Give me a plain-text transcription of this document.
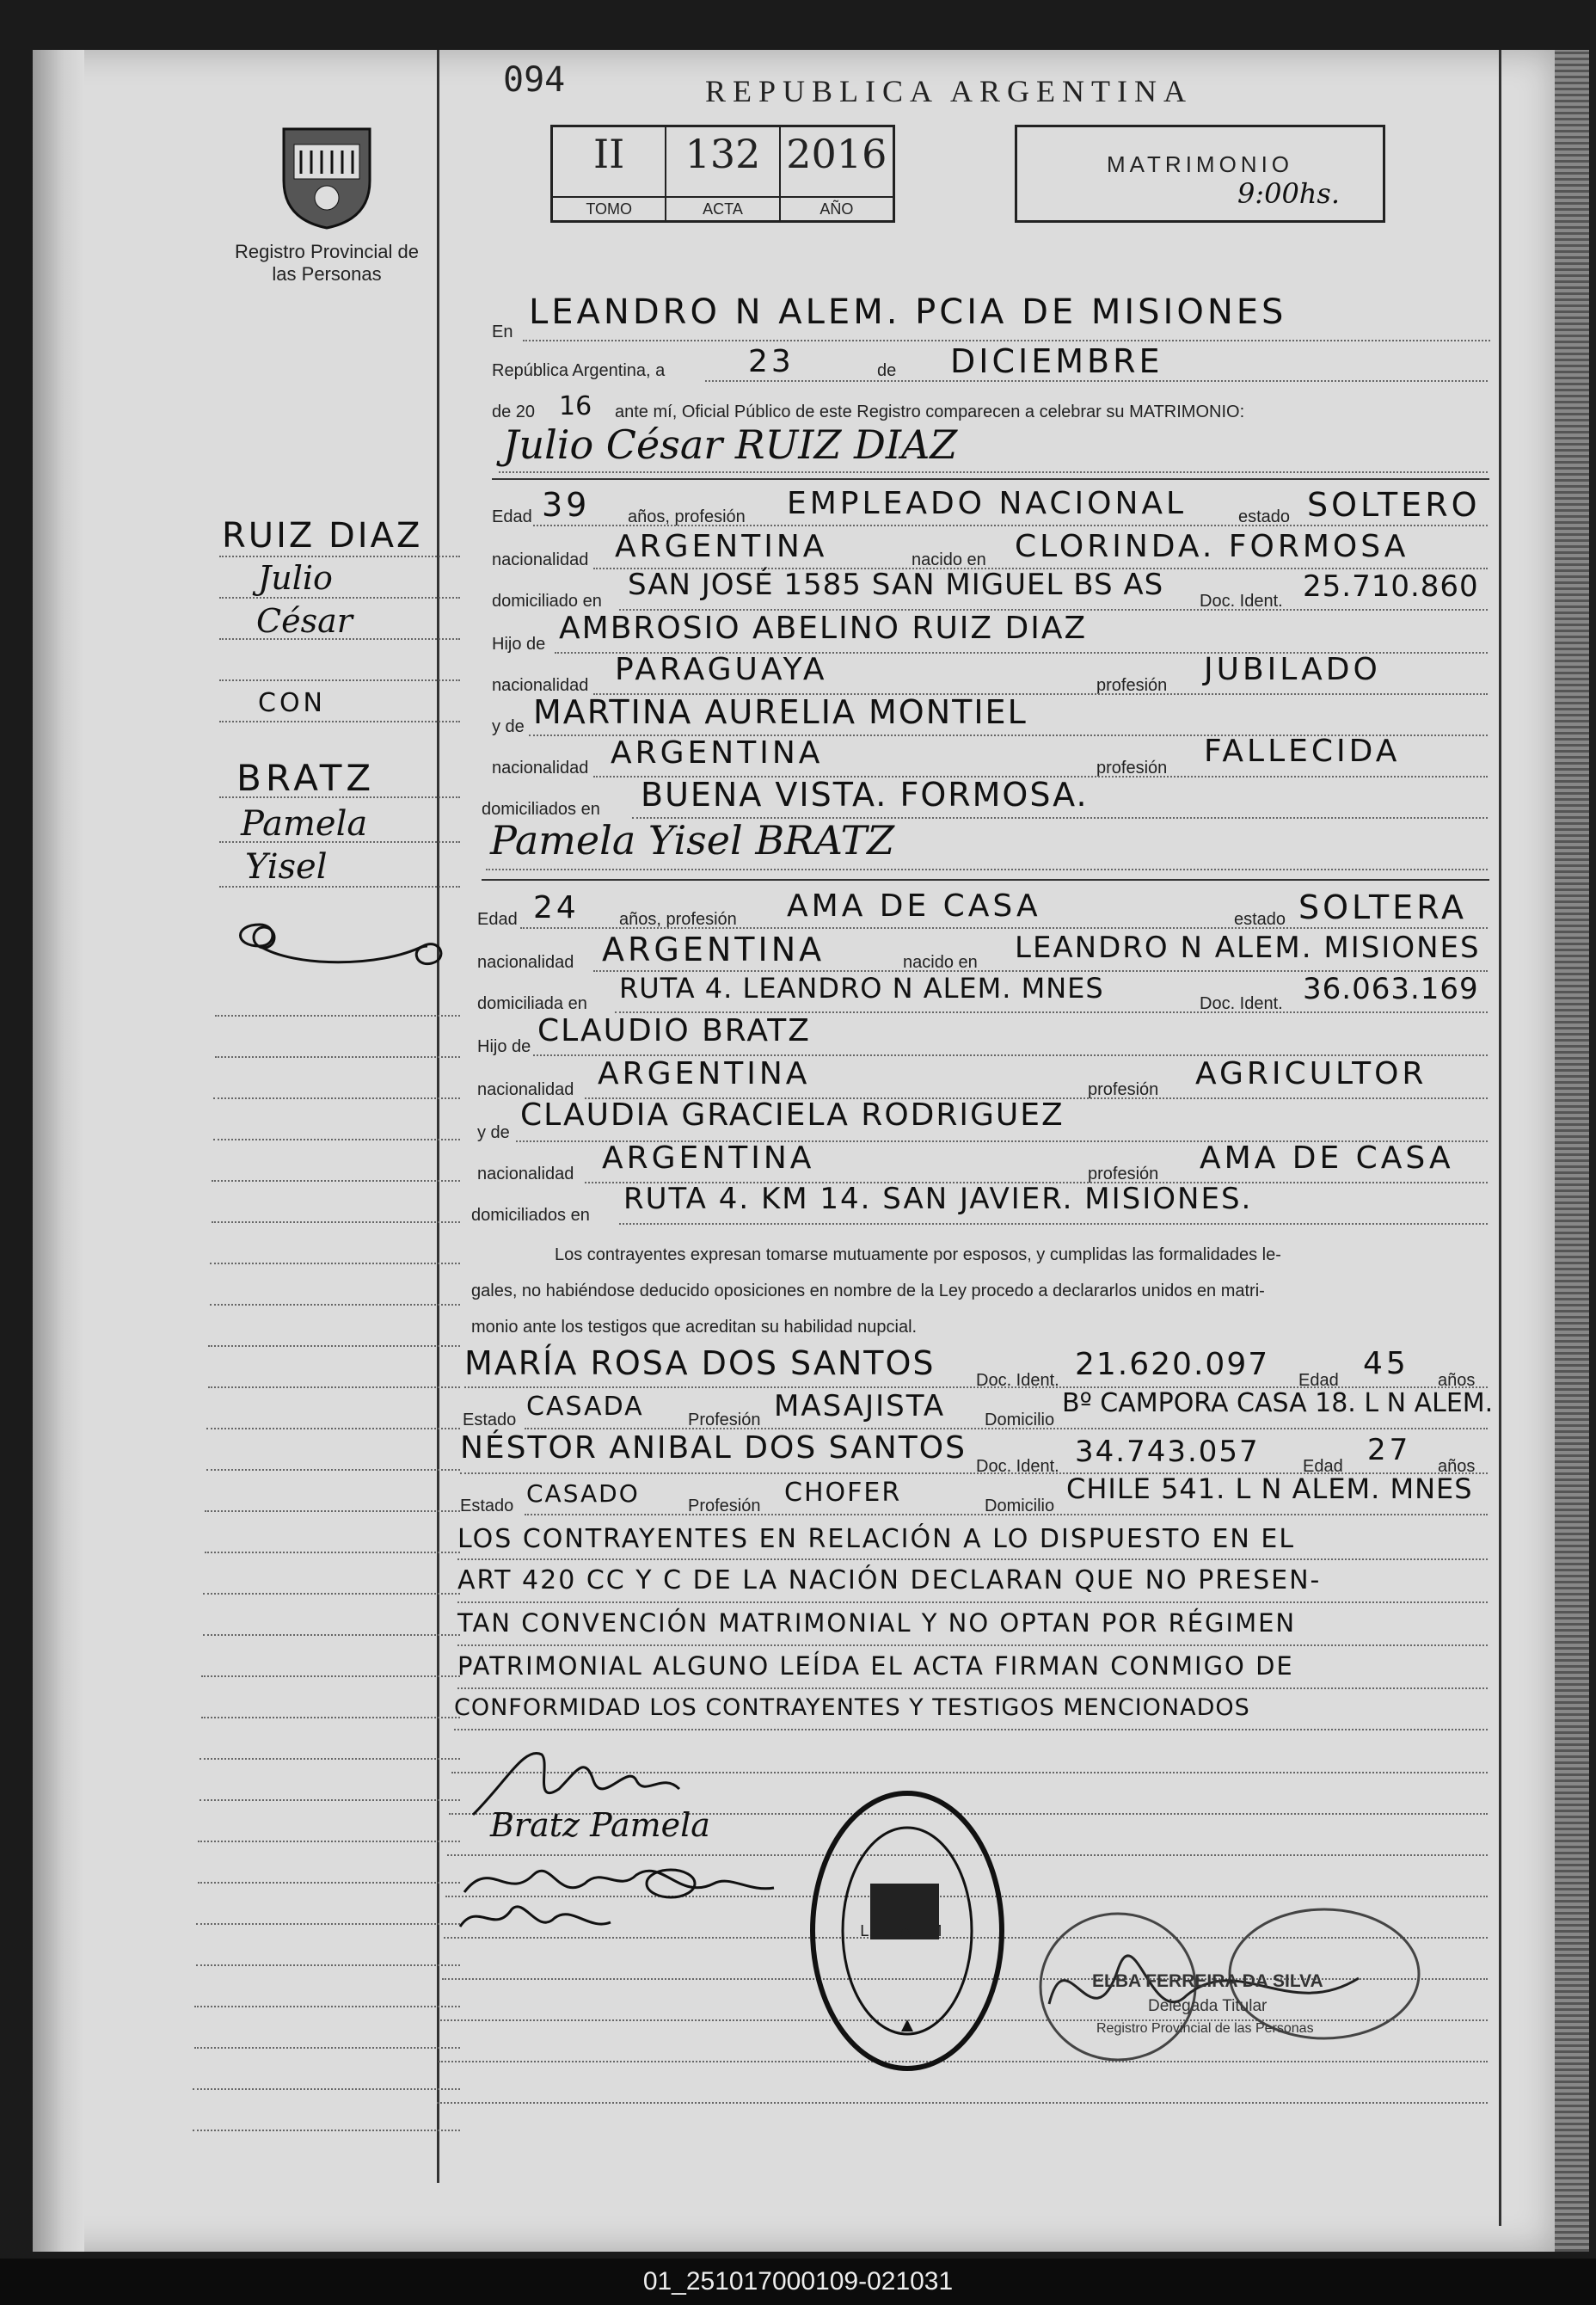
094	REPUBLICA ARGENTINA
Registro Provincial de las Personas
II
TOMO
132
ACTA
2016
AÑO
MATRIMONIO
9:00hs.
En LEANDRO N ALEM. PCIA DE MISIONES
República Argentina, a	23	de DICIEMBRE
de 20 16 ante mí, Oficial Público de este Registro comparecen a celebrar su MATRIMONIO:
Julio César RUIZ DIAZ
Edad 39 años, profesión EMPLEADO NACIONAL	estado SOLTERO
nacionalidad ARGENTINA	nacido en CLORINDA. FORMOSA
domiciliado en SAN JOSÉ 1585 SAN MIGUEL BS AS Doc. Ident. 25.710.860
Hijo de AMBROSIO ABELINO RUIZ DIAZ
nacionalidad PARAGUAYA	profesión JUBILADO
y de MARTINA AURELIA MONTIEL
nacionalidad ARGENTINA	profesión FALLECIDA
domiciliados en BUENA VISTA. FORMOSA.
Pamela Yisel BRATZ
Edad 24 años, profesión AMA DE CASA	estado SOLTERA
nacionalidad ARGENTINA	nacido en LEANDRO N ALEM. MISIONES
domiciliada en RUTA 4. LEANDRO N ALEM. MNES	Doc. Ident. 36.063.169
Hijo de CLAUDIO BRATZ
nacionalidad ARGENTINA	profesión AGRICULTOR
y de CLAUDIA GRACIELA RODRIGUEZ
nacionalidad ARGENTINA	profesión AMA DE CASA
domiciliados en RUTA 4. KM 14. SAN JAVIER. MISIONES.
Los contrayentes expresan tomarse mutuamente por esposos, y cumplidas las formalidades le-
gales, no habiéndose deducido oposiciones en nombre de la Ley procedo a declararlos unidos en matri-
monio ante los testigos que acreditan su habilidad nupcial.
MARÍA ROSA DOS SANTOS Doc. Ident. 21.620.097 Edad 45 años
Estado CASADA	Profesión MASAJISTA Domicilio
Bº CAMPORA CASA 18. L N ALEM.
NÉSTOR ANIBAL DOS SANTOS
Doc. Ident. 34.743.057	Edad 27 años
Estado CASADO	Profesión CHOFER	Domicilio
CHILE 541. L N ALEM. MNES
LOS CONTRAYENTES EN RELACIÓN A LO DISPUESTO EN EL
ART 420 CC Y C DE LA NACIÓN DECLARAN QUE NO PRESEN-
TAN CONVENCIÓN MATRIMONIAL Y NO OPTAN POR RÉGIMEN
PATRIMONIAL ALGUNO LEÍDA EL ACTA FIRMAN CONMIGO DE
CONFORMIDAD LOS CONTRAYENTES Y TESTIGOS MENCIONADOS
Bratz Pamela
L. N. ALEM
ELBA FERREIRA DA SILVA
Delegada Titular
Registro Provincial de las Personas
RUIZ DIAZ
Julio
César
CON
BRATZ
Pamela
Yisel
01_251017000109-021031
